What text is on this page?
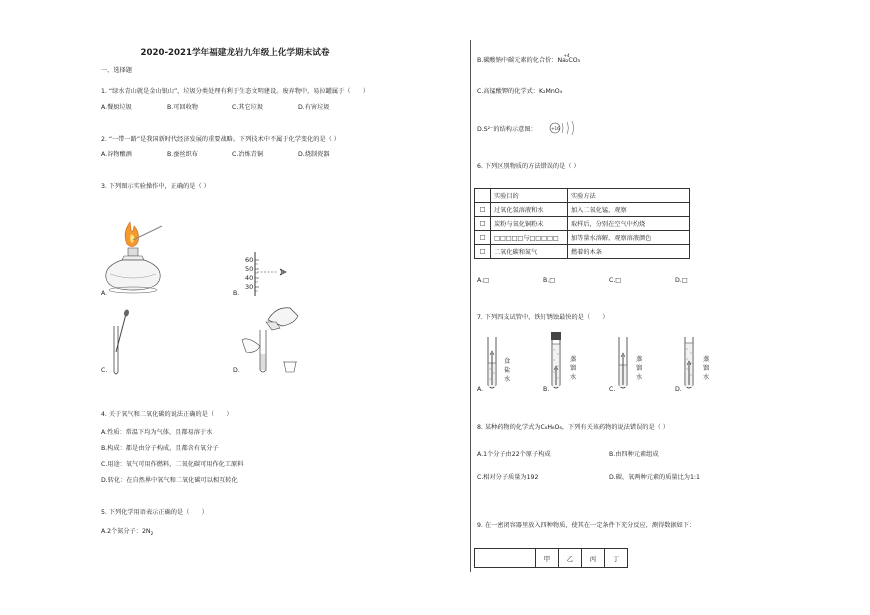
2020-2021学年福建龙岩九年级上化学期末试卷
一、选择题
1. “绿水青山就是金山银山”，垃圾分类处理有利于生态文明建设。废弃物中，易拉罐属于（　　）
A.餐厨垃圾	B.可回收物	C.其它垃圾	D.有害垃圾
2. “一带一路”是我国新时代经济发展的重要战略。下列技术中不属于化学变化的是（ ）
A.谷物酿酒	B.蚕丝织布	C.冶炼青铜	D.烧制瓷器
3. 下列图示实验操作中，正确的是（ ）
A.
60
50
40
30
B.
C.	D.
4. 关于氧气和二氧化碳的说法正确的是（　　）
A.性质：常温下均为气体，且都易溶于水
B.构成：都是由分子构成，且都含有氧分子
C.用途：氧气可用作燃料，二氧化碳可用作化工原料
D.转化：在自然界中氧气和二氧化碳可以相互转化
5. 下列化学用语表示正确的是（　　）
A.2个氮分子：$2N_2$
B.碳酸钠中碳元素的化合价：
+4
Na₂CO₃
C.高锰酸钾的化学式：K₂MnO₄
D.S²⁻的结构示意图：	+16
6. 下列区别物质的方法错误的是（ ）
	实验目的	实验方法
□	过氧化氢溶液和水	加入二氧化锰，观察
□	炭粉与氧化铜粉末	取样后，分别在空气中灼烧
□	□□□□□与□□□□□	加等量水溶解，观察溶液颜色
□	二氧化碳和氮气	燃着的木条
A.□	B.□	C.□	D.□
7. 下列四支试管中，铁钉锈蚀最快的是（　　）
食
盐
水
A.
蒸
馏
水
B.
蒸
馏
水
C.
蒸
馏
水
D.
8. 某种药物的化学式为C₆H₈O₆，下列有关该药物的说法错误的是（ ）
A.1个分子由22个原子构成	B.由四种元素组成
C.相对分子质量为192	D.碳、氧两种元素的质量比为1:1
9. 在一密闭容器里放入四种物质，使其在一定条件下充分反应，测得数据如下：
	甲	乙	丙	丁
